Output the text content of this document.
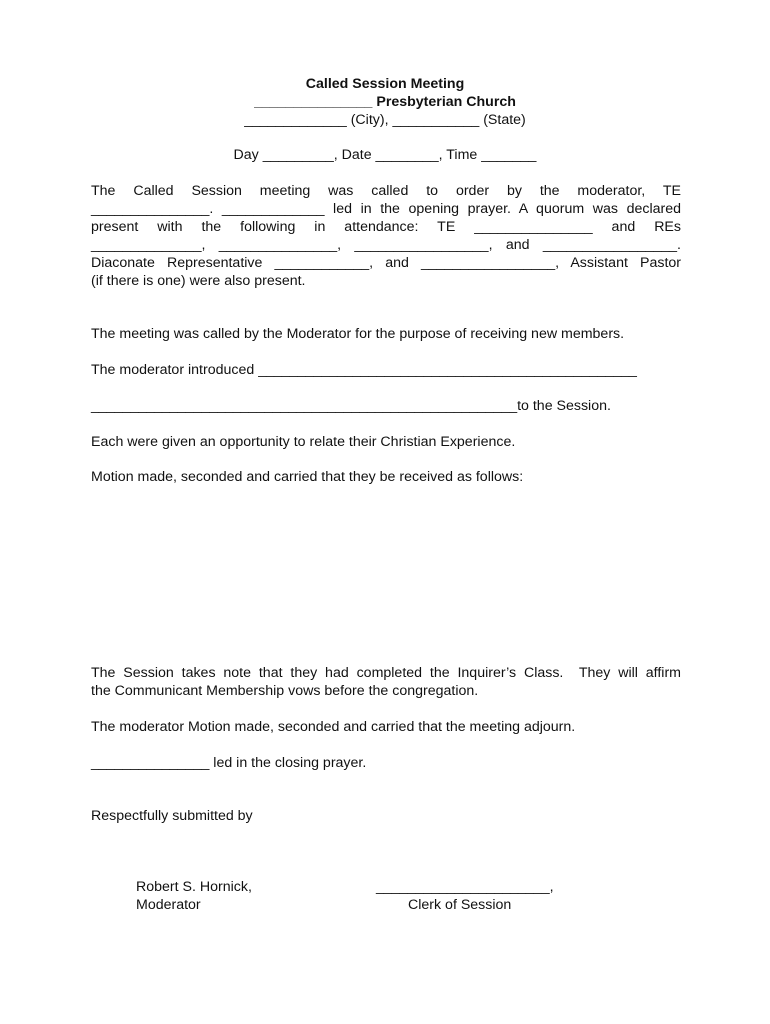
Called Session Meeting
_______________ Presbyterian Church
_____________ (City), ___________ (State)
Day _________, Date ________, Time _______
The Called Session meeting was called to order by the moderator, TE
_______________. _____________ led in the opening prayer. A quorum was declared
present with the following in attendance: TE _______________ and REs
______________, _______________, _________________, and _________________.
Diaconate Representative ____________, and _________________, Assistant Pastor
(if there is one) were also present.
The meeting was called by the Moderator for the purpose of receiving new members.
The moderator introduced ________________________________________________
______________________________________________________to the Session.
Each were given an opportunity to relate their Christian Experience.
Motion made, seconded and carried that they be received as follows:
The Session takes note that they had completed the Inquirer’s Class.  They will affirm
the Communicant Membership vows before the congregation.
The moderator Motion made, seconded and carried that the meeting adjourn.
_______________ led in the closing prayer.
Respectfully submitted by
Robert S. Hornick,
Moderator
______________________,
Clerk of Session
